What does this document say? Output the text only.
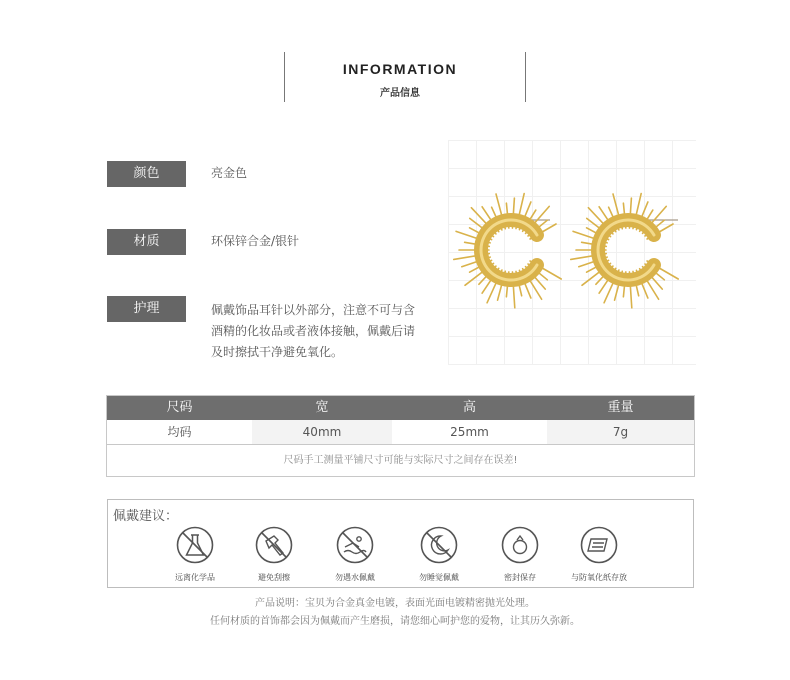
INFORMATION
产品信息
颜色	亮金色
材质	环保锌合金/银针
护理	佩戴饰品耳针以外部分，注意不可与含
酒精的化妆品或者液体接触，佩戴后请
及时擦拭干净避免氧化。
尺码	宽	高	重量
均码	40mm	25mm	7g
尺码手工测量平铺尺寸可能与实际尺寸之间存在误差!
佩戴建议：
远离化学品	避免刮擦	勿遇水佩戴	勿睡觉佩戴	密封保存	与防氧化纸存放
产品说明：宝贝为合金真金电镀，表面光面电镀精密抛光处理。
任何材质的首饰都会因为佩戴而产生磨损，请您细心呵护您的爱物，让其历久弥新。
